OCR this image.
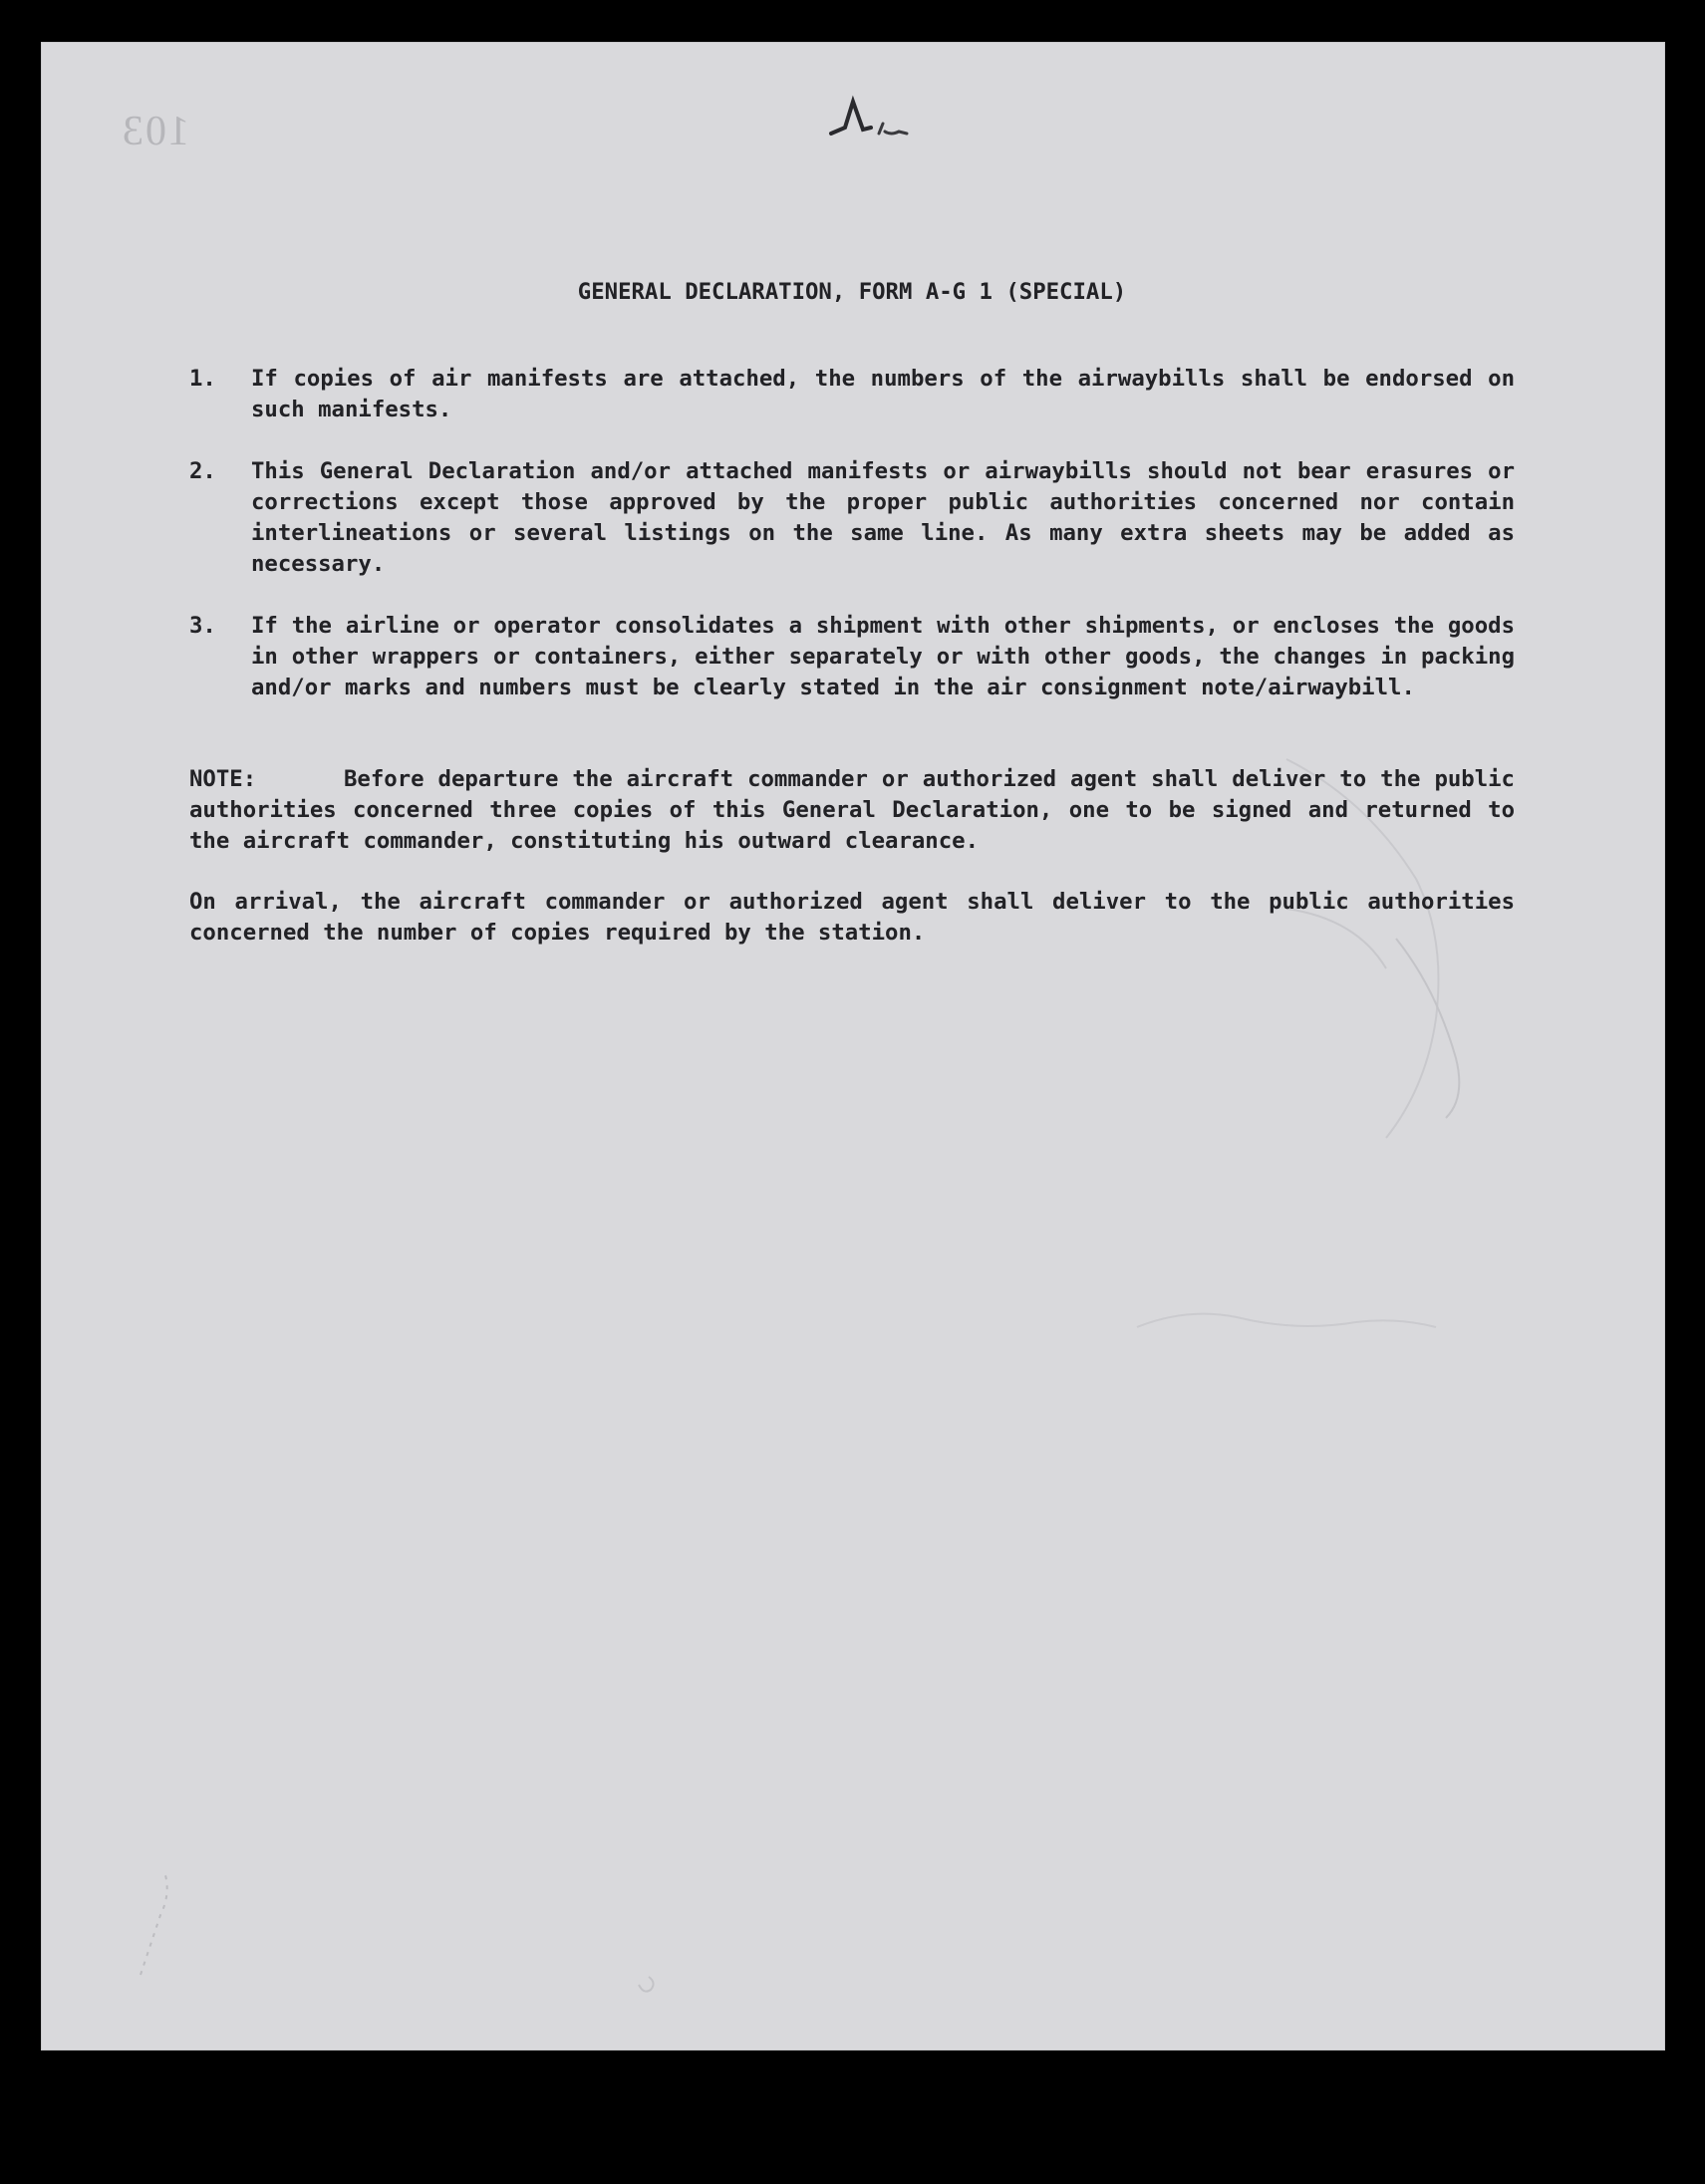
103
GENERAL DECLARATION, FORM A-G 1 (SPECIAL)
1.	If copies of air manifests are attached, the numbers of the airwaybills shall be endorsed on such manifests.
2.	This General Declaration and/or attached manifests or airwaybills should not bear erasures or corrections except those approved by the proper public authorities concerned nor contain interlineations or several listings on the same line. As many extra sheets may be added as necessary.
3.	If the airline or operator consolidates a shipment with other shipments, or encloses the goods in other wrappers or containers, either separately or with other goods, the changes in packing and/or marks and numbers must be clearly stated in the air consignment note/airwaybill.

NOTE:	Before departure the aircraft commander or authorized agent shall deliver to the public authorities concerned three copies of this General Declaration, one to be signed and returned to the aircraft commander, constituting his outward clearance.

On arrival, the aircraft commander or authorized agent shall deliver to the public authorities concerned the number of copies required by the station.
